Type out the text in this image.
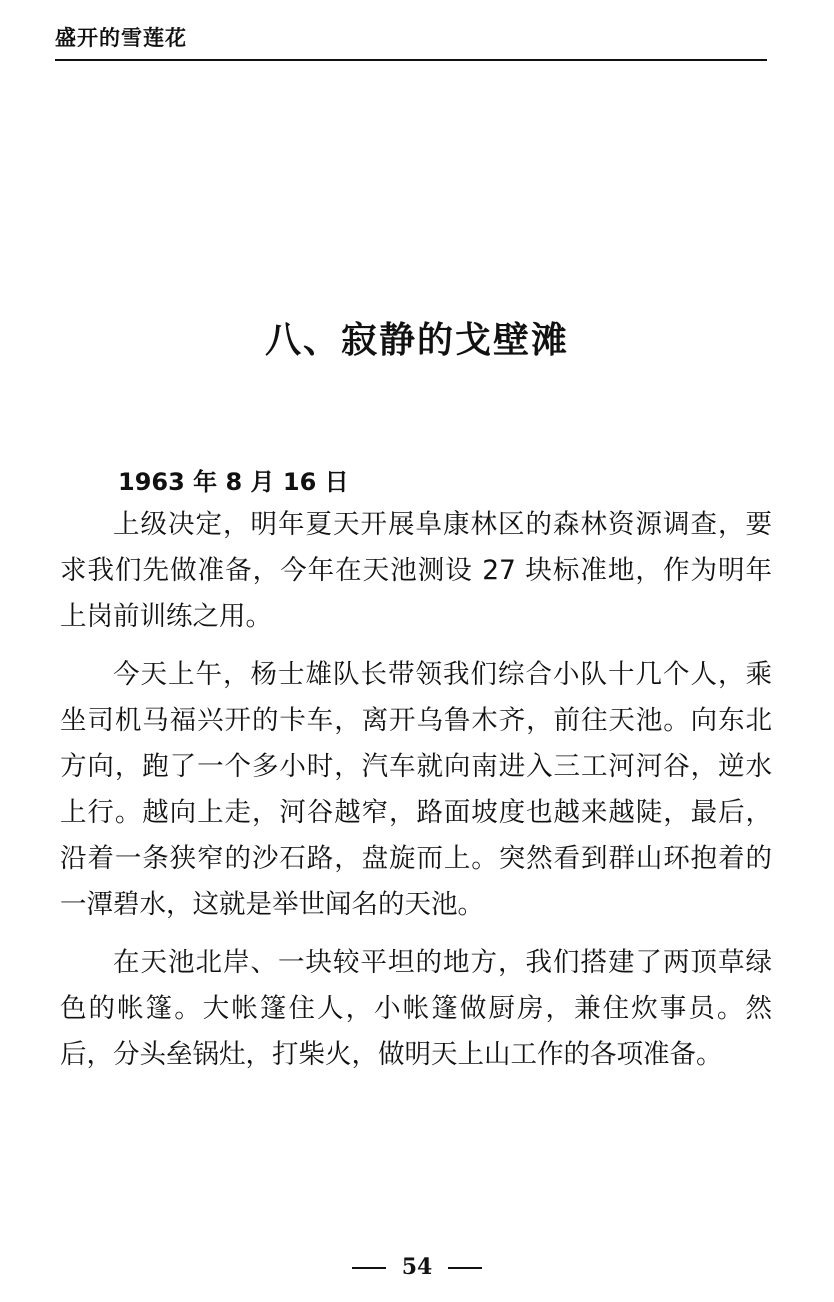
盛开的雪莲花
八、寂静的戈壁滩
1963 年 8 月 16 日

上级决定，明年夏天开展阜康林区的森林资源调查，要求我们先做准备，今年在天池测设 27 块标准地，作为明年上岗前训练之用。

今天上午，杨士雄队长带领我们综合小队十几个人，乘坐司机马福兴开的卡车，离开乌鲁木齐，前往天池。向东北方向，跑了一个多小时，汽车就向南进入三工河河谷，逆水上行。越向上走，河谷越窄，路面坡度也越来越陡，最后，沿着一条狭窄的沙石路，盘旋而上。突然看到群山环抱着的一潭碧水，这就是举世闻名的天池。

在天池北岸、一块较平坦的地方，我们搭建了两顶草绿色的帐篷。大帐篷住人，小帐篷做厨房，兼住炊事员。然后，分头垒锅灶，打柴火，做明天上山工作的各项准备。

54
